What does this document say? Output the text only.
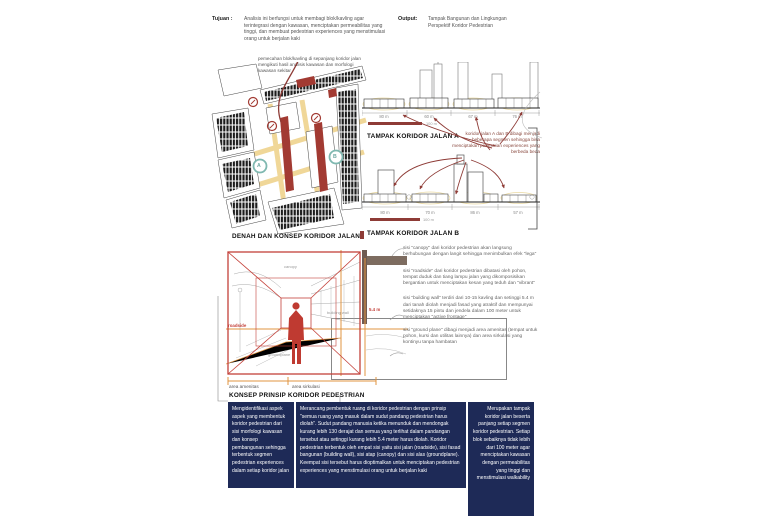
Tujuan :	Analisis ini berfungsi untuk membagi blok/kavling agar terintegrasi dengan kawasan, menciptakan permeabilitas yang tinggi, dan membuat pedestrian experiences yang menstimulasi orang untuk berjalan kaki
Output:	Tampak Bangunan dan Lingkungan Perspektif Koridor Pedestrian
pemecahan blok/kavling di sepanjang koridor jalan mengikuti hasil analisis kawasan dan morfologi kawasan sekitar
A
B
DENAH DAN KONSEP KORIDOR JALAN
80 m	60 m	67 m	76 m
100 m
TAMPAK KORIDOR JALAN A	koridor jalan A dan B dibagi menjadi beberapa segmen sehingga bisa menciptakan pedestrian experiences yang berbeda beda
80 m	70 m	86 m	57 m
100 m
TAMPAK KORIDOR JALAN B
canopy
building wall
groundplane
roadside
5.4 m
area amenitas	area sirkulasi
KONSEP PRINSIP KORIDOR PEDESTRIAN

sisi "canopy" dari koridor pedestrian akan langsung berhubungan dengan langit sehingga menimbulkan efek "lega"

sisi "roadside" dari koridor pedestrian dibatasi oleh pohon, tempat duduk dan tiang lampu jalan yang dikomposisikan bergantian untuk menciptakan kesan yang teduh dan "vibrant"

sisi "building wall" terdiri dari 10-15 kavling dan setinggi 5.4 m dari tanah diolah menjadi fasad yang atraktif dan mempunyai setidaknya 15 pintu dan jendela dalam 100 meter untuk menciptakan "active frontage"

sisi "ground plane" dibagi menjadi area amenitas (tempat untuk pohon, kursi dan utilitas lainnya) dan area sirkulasi yang kontinyu tanpa hambatan

Mengidentifikasi aspek aspek yang membentuk koridor pedestrian dari sisi morfologi kawasan dan konsep pembangunan sehingga terbentuk segmen pedestrian experiences dalam setiap koridor jalan
Merancang pembentuk ruang di koridor pedestrian dengan prinsip "semua ruang yang masuk dalam sudut pandang pedestrian harus diolah". Sudut pandang manusia ketika menunduk dan mendongak kurang lebih 130 derajat dan semua yang terlihat dalam pandangan tersebut atau setinggi kurang lebih 5.4 meter harus diolah. Koridor pedestrian terbentuk oleh empat sisi yaitu sisi jalan (roadside), sisi fasad bangunan (building wall), sisi atap (canopy) dan sisi alas (groundplane). Keempat sisi tersebut harus dioptimalkan untuk menciptakan pedestrian experiences yang menstimulasi orang untuk berjalan kaki
Merupakan tampak koridor jalan beserta panjang setiap segmen koridor pedestrian. Setiap blok sebaiknya tidak lebih dari 100 meter agar menciptakan kawasan dengan permeabilitas yang tinggi dan menstimulasi walkability
